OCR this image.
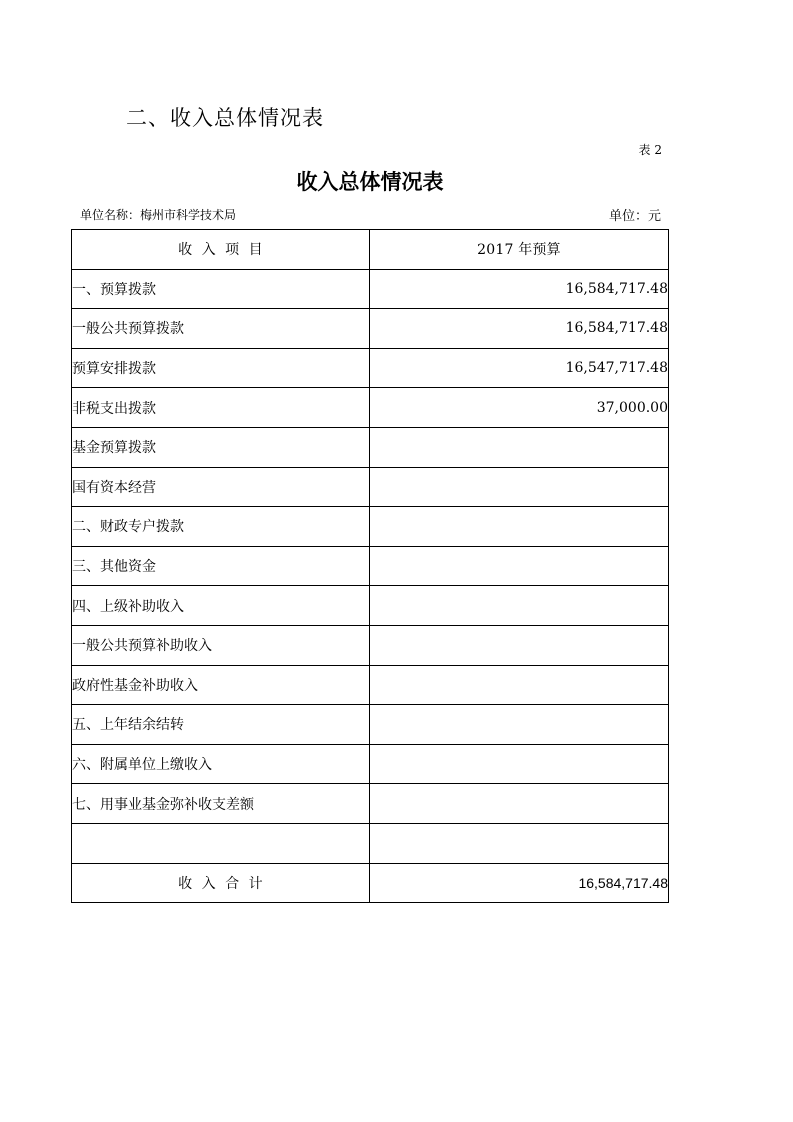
二、收入总体情况表
表 2
收入总体情况表
单位名称：梅州市科学技术局	单位：元
收  入  项  目	2017 年预算
一、预算拨款	16,584,717.48
一般公共预算拨款	16,584,717.48
预算安排拨款	16,547,717.48
非税支出拨款	37,000.00
基金预算拨款	
国有资本经营	
二、财政专户拨款	
三、其他资金	
四、上级补助收入	
一般公共预算补助收入	
政府性基金补助收入	
五、上年结余结转	
六、附属单位上缴收入	
七、用事业基金弥补收支差额	

收  入  合  计	16,584,717.48
